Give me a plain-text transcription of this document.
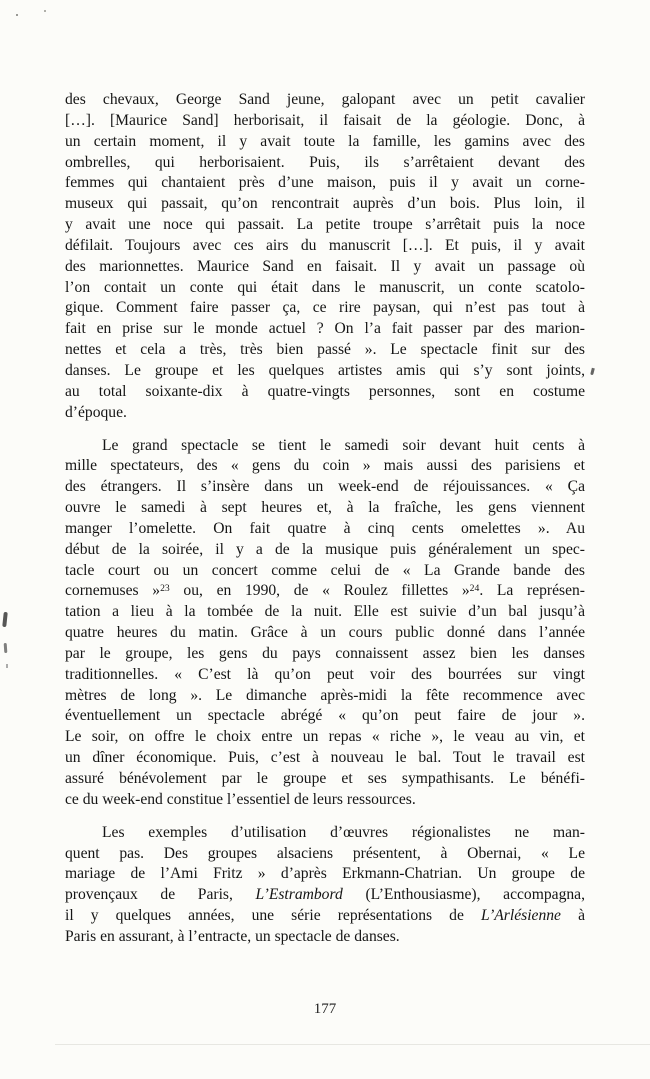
des chevaux, George Sand jeune, galopant avec un petit cavalier
[…]. [Maurice Sand] herborisait, il faisait de la géologie. Donc, à
un certain moment, il y avait toute la famille, les gamins avec des
ombrelles, qui herborisaient. Puis, ils s’arrêtaient devant des
femmes qui chantaient près d’une maison, puis il y avait un corne-
museux qui passait, qu’on rencontrait auprès d’un bois. Plus loin, il
y avait une noce qui passait. La petite troupe s’arrêtait puis la noce
défilait. Toujours avec ces airs du manuscrit […]. Et puis, il y avait
des marionnettes. Maurice Sand en faisait. Il y avait un passage où
l’on contait un conte qui était dans le manuscrit, un conte scatolo-
gique. Comment faire passer ça, ce rire paysan, qui n’est pas tout à
fait en prise sur le monde actuel ? On l’a fait passer par des marion-
nettes et cela a très, très bien passé ». Le spectacle finit sur des
danses. Le groupe et les quelques artistes amis qui s’y sont joints,
au total soixante-dix à quatre-vingts personnes, sont en costume
d’époque.
Le grand spectacle se tient le samedi soir devant huit cents à
mille spectateurs, des « gens du coin » mais aussi des parisiens et
des étrangers. Il s’insère dans un week-end de réjouissances. « Ça
ouvre le samedi à sept heures et, à la fraîche, les gens viennent
manger l’omelette. On fait quatre à cinq cents omelettes ». Au
début de la soirée, il y a de la musique puis généralement un spec-
tacle court ou un concert comme celui de « La Grande bande des
cornemuses »$^{23}$ ou, en 1990, de « Roulez fillettes »$^{24}$. La représen-
tation a lieu à la tombée de la nuit. Elle est suivie d’un bal jusqu’à
quatre heures du matin. Grâce à un cours public donné dans l’année
par le groupe, les gens du pays connaissent assez bien les danses
traditionnelles. « C’est là qu’on peut voir des bourrées sur vingt
mètres de long ». Le dimanche après-midi la fête recommence avec
éventuellement un spectacle abrégé « qu’on peut faire de jour ».
Le soir, on offre le choix entre un repas « riche », le veau au vin, et
un dîner économique. Puis, c’est à nouveau le bal. Tout le travail est
assuré bénévolement par le groupe et ses sympathisants. Le bénéfi-
ce du week-end constitue l’essentiel de leurs ressources.
Les exemples d’utilisation d’œuvres régionalistes ne man-
quent pas. Des groupes alsaciens présentent, à Obernai, « Le
mariage de l’Ami Fritz » d’après Erkmann-Chatrian. Un groupe de
provençaux de Paris, L’Estrambord (L’Enthousiasme), accompagna,
il y quelques années, une série représentations de L’Arlésienne à
Paris en assurant, à l’entracte, un spectacle de danses.
177
